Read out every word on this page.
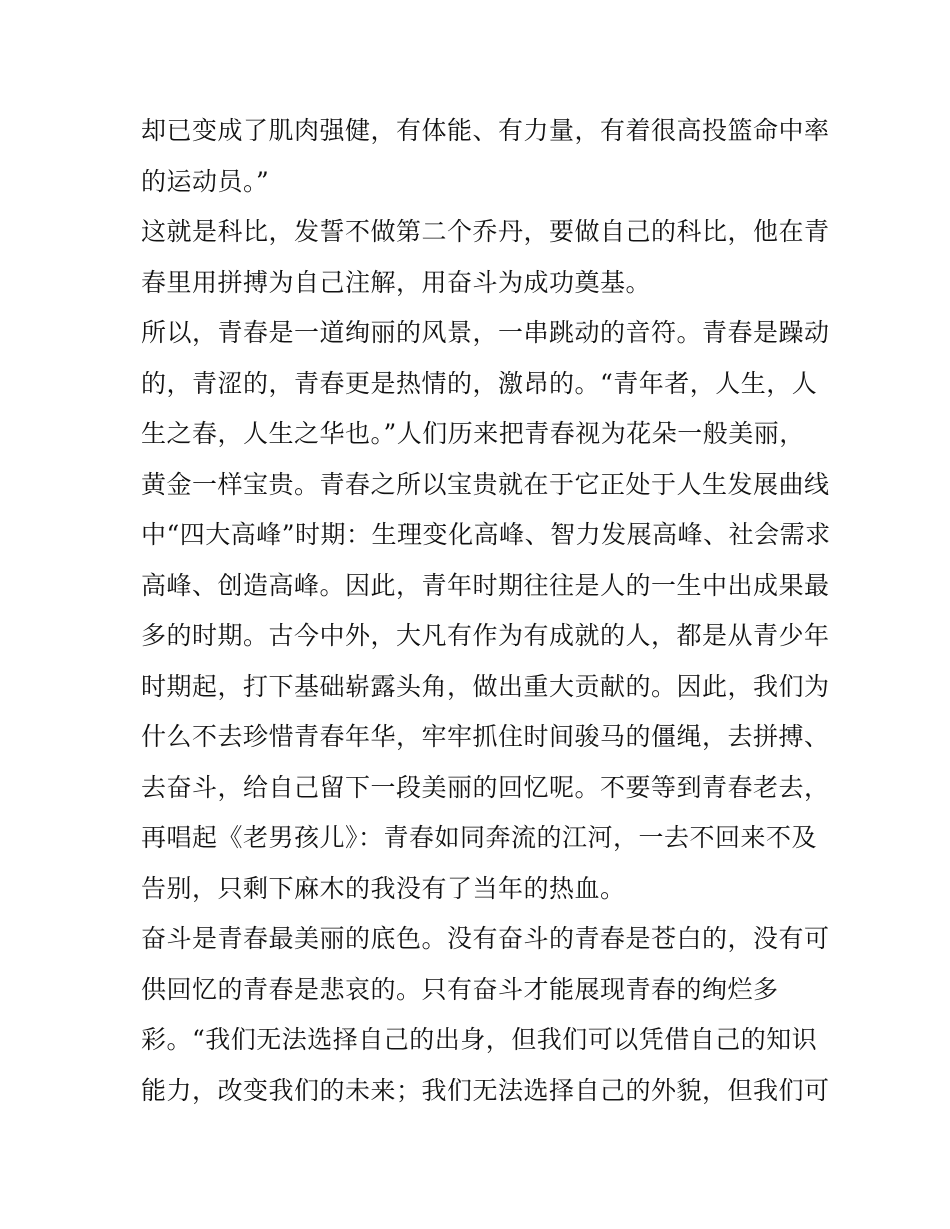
却已变成了肌肉强健，有体能、有力量，有着很高投篮命中率
的运动员。”
这就是科比，发誓不做第二个乔丹，要做自己的科比，他在青
春里用拼搏为自己注解，用奋斗为成功奠基。
所以，青春是一道绚丽的风景，一串跳动的音符。青春是躁动
的，青涩的，青春更是热情的，激昂的。“青年者，人生，人
生之春，人生之华也。”人们历来把青春视为花朵一般美丽，
黄金一样宝贵。青春之所以宝贵就在于它正处于人生发展曲线
中“四大高峰”时期：生理变化高峰、智力发展高峰、社会需求
高峰、创造高峰。因此，青年时期往往是人的一生中出成果最
多的时期。古今中外，大凡有作为有成就的人，都是从青少年
时期起，打下基础崭露头角，做出重大贡献的。因此，我们为
什么不去珍惜青春年华，牢牢抓住时间骏马的僵绳，去拼搏、
去奋斗，给自己留下一段美丽的回忆呢。不要等到青春老去，
再唱起《老男孩儿》：青春如同奔流的江河，一去不回来不及
告别，只剩下麻木的我没有了当年的热血。
奋斗是青春最美丽的底色。没有奋斗的青春是苍白的，没有可
供回忆的青春是悲哀的。只有奋斗才能展现青春的绚烂多
彩。“我们无法选择自己的出身，但我们可以凭借自己的知识
能力，改变我们的未来；我们无法选择自己的外貌，但我们可
